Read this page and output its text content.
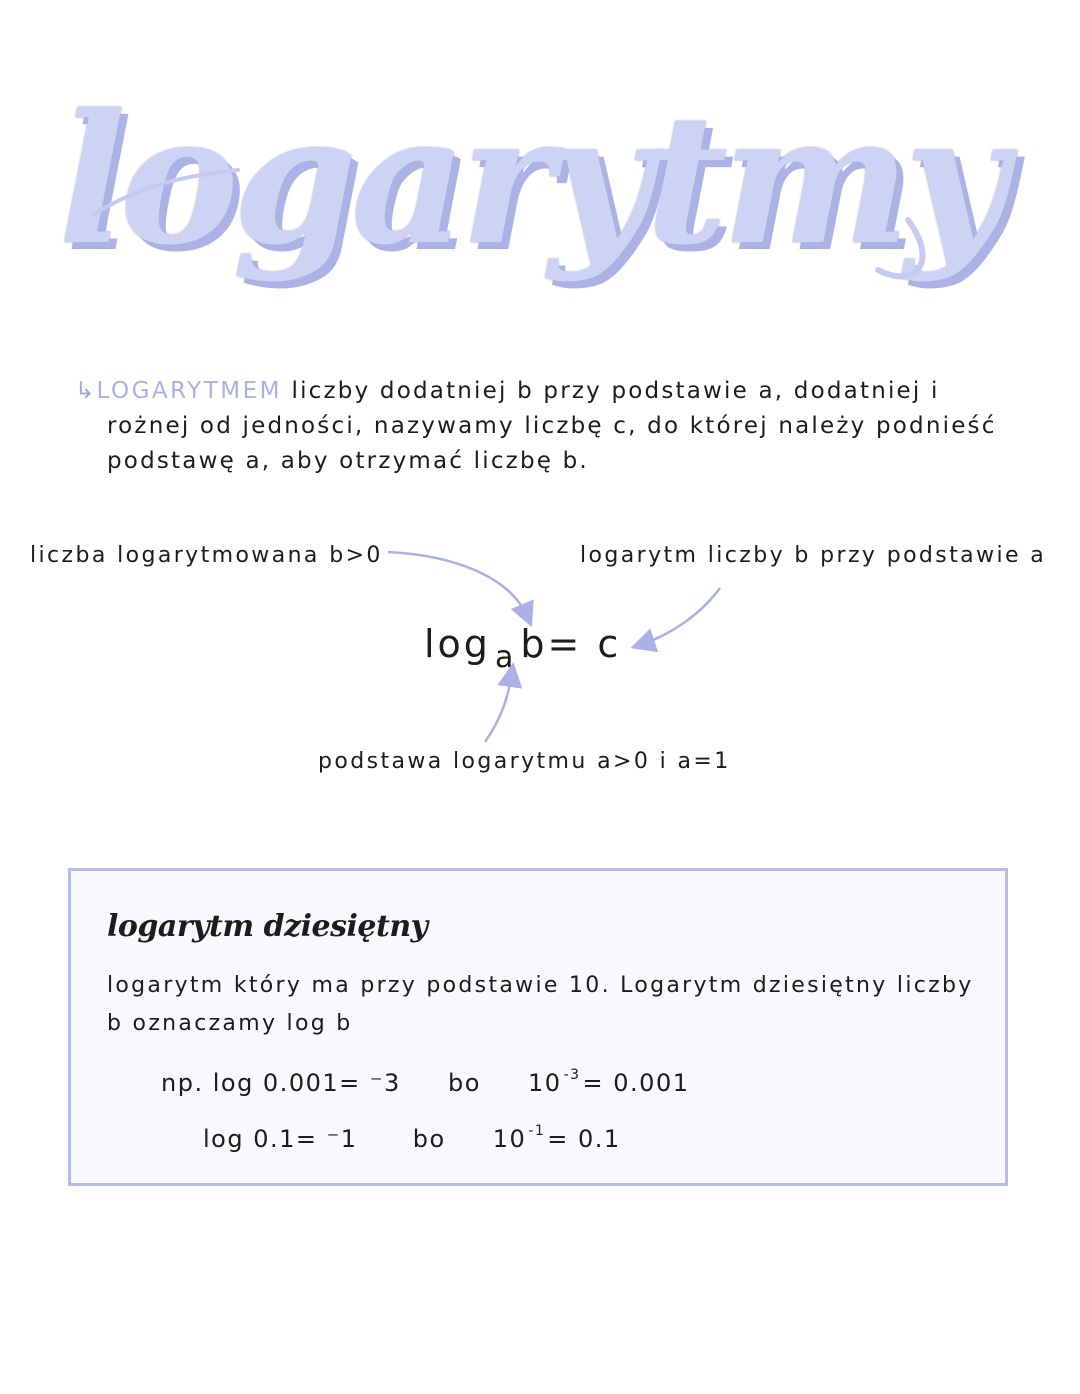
logarytmy
↳LOGARYTMEM liczby dodatniej b przy podstawie a, dodatniej i
rożnej od jedności, nazywamy liczbę c, do której należy podnieść
podstawę a, aby otrzymać liczbę b.
liczba logarytmowana b>0	logarytm liczby b przy podstawie a
podstawa logarytmu a>0 i a=1
log $_a$ b= c
logarytm dziesiętny
logarytm który ma przy podstawie 10. Logarytm dziesiętny liczby
b oznaczamy log b
np. log 0.001= ⁻3 bo 10 $^{-3}$= 0.001
log 0.1= ⁻1 bo 10 $^{-1}$= 0.1
